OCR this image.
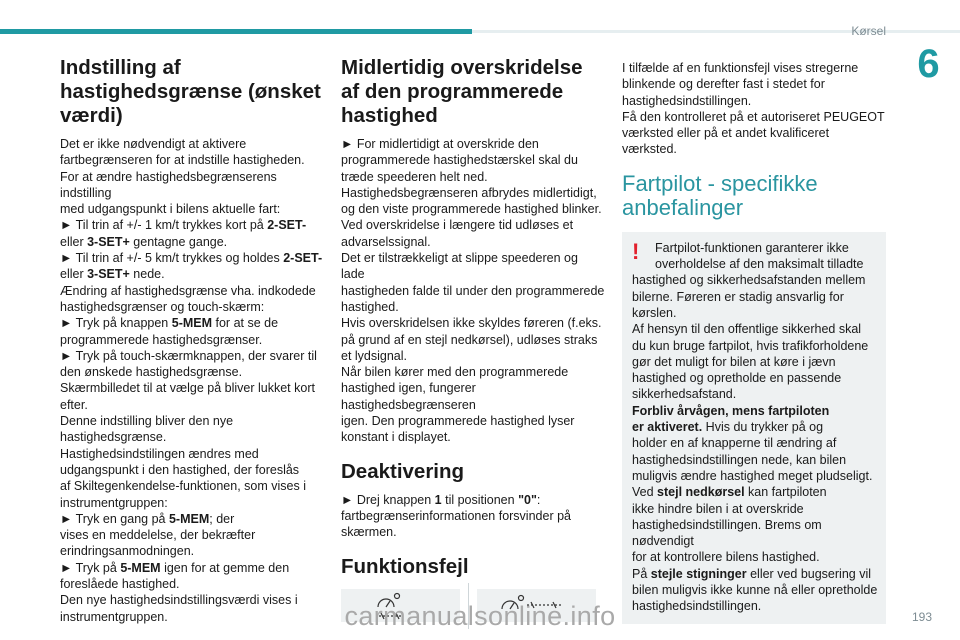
Kørsel
6
Indstilling af hastighedsgrænse (ønsket værdi)

Det er ikke nødvendigt at aktivere
fartbegrænseren for at indstille hastigheden.
For at ændre hastighedsbegrænserens indstilling
med udgangspunkt i bilens aktuelle fart:
► Til trin af +/- 1 km/t trykkes kort på 2-SET-
eller 3-SET+ gentagne gange.
► Til trin af +/- 5 km/t trykkes og holdes 2-SET-
eller 3-SET+ nede.
Ændring af hastighedsgrænse vha. indkodede
hastighedsgrænser og touch-skærm:
► Tryk på knappen 5-MEM for at se de
programmerede hastighedsgrænser.
► Tryk på touch-skærmknappen, der svarer til
den ønskede hastighedsgrænse.
Skærmbilledet til at vælge på bliver lukket kort
efter.
Denne indstilling bliver den nye
hastighedsgrænse.
Hastighedsindstilingen ændres med
udgangspunkt i den hastighed, der foreslås
af Skiltegenkendelse-funktionen, som vises i
instrumentgruppen:
► Tryk en gang på 5-MEM; der
vises en meddelelse, der bekræfter
erindringsanmodningen.
► Tryk på 5-MEM igen for at gemme den
foreslåede hastighed.
Den nye hastighedsindstillingsværdi vises i
instrumentgruppen.

Midlertidig overskridelse af den programmerede hastighed

► For midlertidigt at overskride den
programmerede hastighedstærskel skal du
træde speederen helt ned.
Hastighedsbegrænseren afbrydes midlertidigt,
og den viste programmerede hastighed blinker.
Ved overskridelse i længere tid udløses et
advarselssignal.
Det er tilstrækkeligt at slippe speederen og lade
hastigheden falde til under den programmerede
hastighed.
Hvis overskridelsen ikke skyldes føreren (f.eks.
på grund af en stejl nedkørsel), udløses straks
et lydsignal.
Når bilen kører med den programmerede
hastighed igen, fungerer hastighedsbegrænseren
igen. Den programmerede hastighed lyser
konstant i displayet.

Deaktivering

► Drej knappen 1 til positionen "0":
fartbegrænserinformationen forsvinder på
skærmen.

Funktionsfejl

I tilfælde af en funktionsfejl vises stregerne
blinkende og derefter fast i stedet for
hastighedsindstillingen.
Få den kontrolleret på et autoriseret PEUGEOT
værksted eller på et andet kvalificeret værksted.

Fartpilot - specifikke anbefalinger
!	Fartpilot-funktionen garanterer ikke
overholdelse af den maksimalt tilladte

hastighed og sikkerhedsafstanden mellem
bilerne. Føreren er stadig ansvarlig for
kørslen.
Af hensyn til den offentlige sikkerhed skal
du kun bruge fartpilot, hvis trafikforholdene
gør det muligt for bilen at køre i jævn
hastighed og opretholde en passende
sikkerhedsafstand.
Forbliv årvågen, mens fartpiloten
er aktiveret. Hvis du trykker på og
holder en af knapperne til ændring af
hastighedsindstillingen nede, kan bilen
muligvis ændre hastighed meget pludseligt.
Ved stejl nedkørsel kan fartpiloten
ikke hindre bilen i at overskride
hastighedsindstillingen. Brems om nødvendigt
for at kontrollere bilens hastighed.
På stejle stigninger eller ved bugsering vil
bilen muligvis ikke kunne nå eller opretholde
hastighedsindstillingen.

193
carmanualsonline.info
